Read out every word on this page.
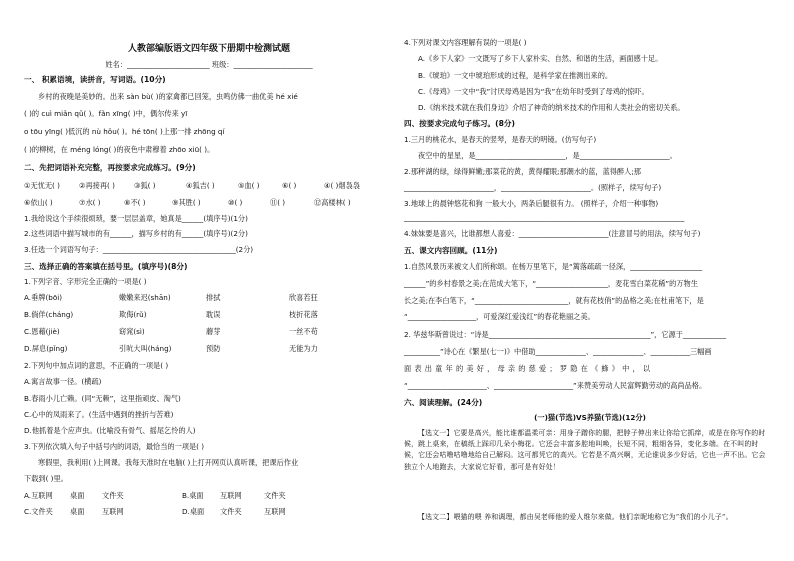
人教部编版语文四年级下册期中检测试题
姓名：_______________________ 班级：______________________
一、 积累语境，读拼音，写词语。(10分)
乡村的夜晚是美妙的。出来 sàn bù( )的家禽都已回笼，虫鸣仿佛一曲优美 hé xié
( )的 cuì miǎn qǔ( )。fǎn xīng( )中，偶尔传来 yī
o tōu yīng( )低沉的 nù hǒu( )。hé tōn( )上那一排 zhōng qí
( )的柳树，在 méng lóng( )的夜色中肃穆着 zhōo xiū( )。
二、先把词语补充完整，再按要求完成练习。(9分)
①无忧无( )	②再接再( )	③狐( )	④狐吉( )	⑤血( )	⑥( )	④( )烟袅袅
⑥依山( )	⑦水( )	⑧不( )	⑨其胜( )	⑩( )	⑪( )	⑫高楼林( )
1.我给说这个手续很烦琐，要一层层盖章，她真是______(填序号)(1分)
2.这些词语中描写城市的有______，描写乡村的有______(填序号)(2分)
3.任选一个词语写句子：_____________________________________(2分)
三、选择正确的答案填在括号里。(填序号)(8分)
1.下列字音、字形完全正确的一项是( )
A.垂牌(bōi)	嫩嫩来迟(shān)	排拭	欣喜若狂
B.倘佯(cháng)	欺侮(rǔ)	耽误	枝折花落
C.恩藉(jiè)	窈窕(sì)	蘑芽	一丝不苟
D.屏息(pǐng)	引吭大叫(háng)	预防	无能为力
2.下列句中加点词的意思，不正确的一项是( )
A.寓言故事一径。(横疏)
B.春雨小儿亡赖。(同“无赖”，这里指顽皮、淘气)
C.心中的凤雨来了。(生活中遇到的挫折与苦难)
D.他抓着是个应声虫。(比喻没有骨气、摇尾乞怜的人)
3.下列依次填入句子中括号内的词语，最恰当的一项是( )
寒假里，我利用( )上网课。我每天准时在电脑( )上打开网页认真听课，把课后作业
下载到( )里。
A.互联网 桌面 文件夹	B.桌面 互联网	文件夹
C.文件夹 桌面 互联网	D.桌面 文件夹	互联网
4.下列对课文内容理解有误的一项是( )
A.《乡下人家》一文既写了乡下人家朴实、自然、和谐的生活，画面感十足。
B.《琥珀》一文中琥珀形成的过程，是科学家在推测出来的。
C.《母鸡》一文中“我”讨厌母鸡是因为“我”在幼年时受到了母鸡的惊吓。
D.《纳米技术就在我们身边》介绍了神奇的纳米技术的作用和人类社会的密切关系。
四、按要求完成句子练习。(8分)
1.三月的桃花水，是春天的竖琴，是春天的明镜。(仿写句子)
夜空中的星星，是_________________________，是_________________________。
2.那秤湖的绿，绿得鲜嫩;那菜花的黄，黄得耀眼;那潮水的蓝，蓝得醉人;那
_________________________，_________________________。(照样子，续写句子)
3.地球上的晨钟悠花和狗 一般大小，两条后腿很有力。 (照样子，介绍一种事物)
______________________________________________________________________________
4.妹妹要是喜兴，比谁都想人喜爱：_________________________(注意冒号的用法，续写句子)
五、课文内容回顾。(11分)
1.自然风景历来被文人们所称颂。在杨万里笔下，是“篱落疏疏一径深，____________________
______”的乡村春景之美;在范成大笔下，“____________________，麦花雪白菜花稀”的万物生
长之美;在李白笔下，“__________________________，就有花枝俏”的品格之美;在杜甫笔下，是
“___________________，可爱深红爱浅红”的春花艳丽之美。
2. 华兹华斯曾说过：“诗是_____________________________________________”，它源于____________
__________”诗心在《繁星(七一)》中借助______________、______________、___________三幅画
面表出童年的美好，母亲的慈爱；罗隐在《蜂》中，以
“______________________、______________________”来赞美劳动人民富辉勤劳动的高尚品格。
六、阅读理解。(24分)
(一)猫(节选)VS养猫(节选)(12分)
【选文一】它要是高兴，能比谁都温柔可亲：用身子蹭你的腿，把脖子伸出来让你给它抓痒，或是在你写作的时候，跳上桌来，在稿纸上踩印几朵小梅花。它还会丰富多腔地叫唤，长短不同，粗细各异，变化多端。在不叫的时候，它还会咕噜咕噜地给自己解闷。这可都凭它的高兴。它若是不高兴啊，无论谁说多少好话，它也一声不出。它会独立个人地跑去，大家说它好看，那可是有好处！
【选文二】喂猫的喂 养和调理，都由吴老师他的爱人维尔来做。他们亲昵地称它为“我们的小儿子”。
